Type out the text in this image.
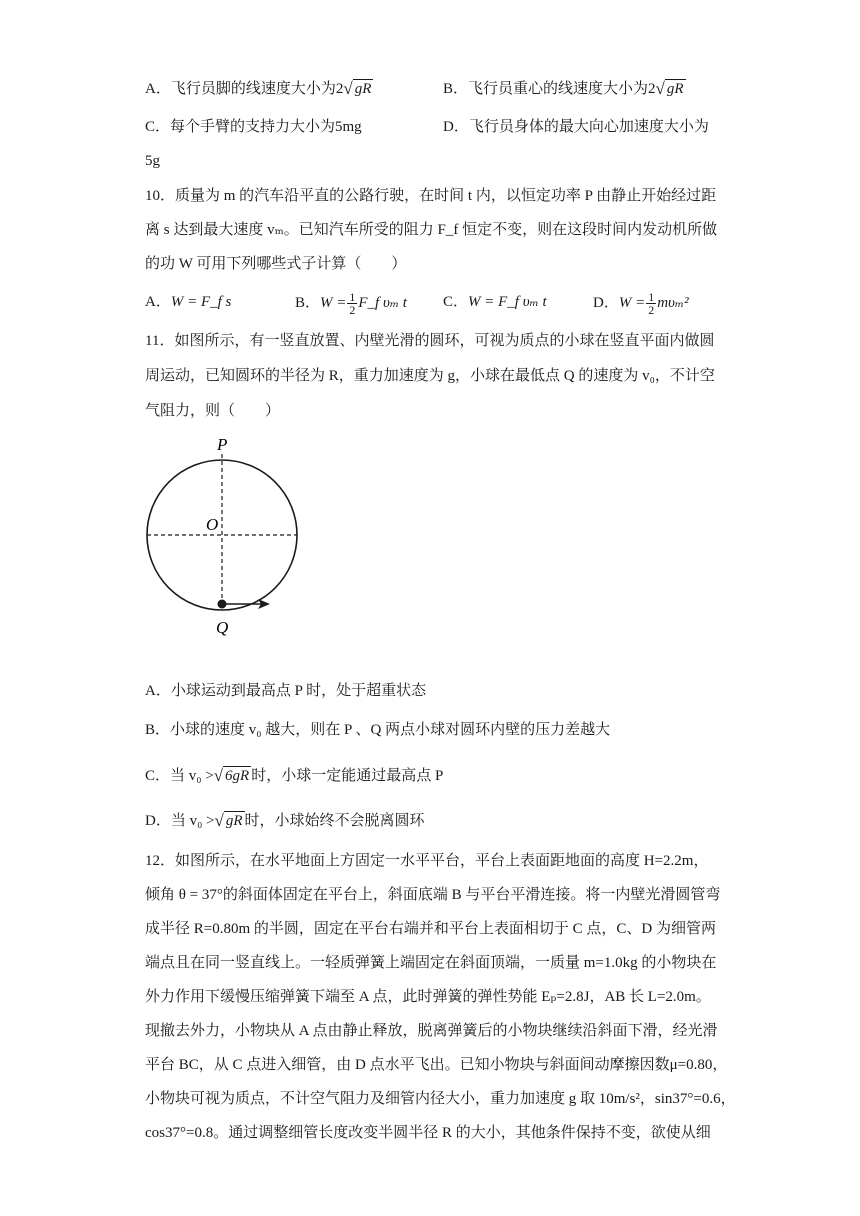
A．飞行员脚的线速度大小为2√ gR	B．飞行员重心的线速度大小为2√ gR
C．每个手臂的支持力大小为5mg	D．飞行员身体的最大向心加速度大小为
5g
10．质量为 m 的汽车沿平直的公路行驶，在时间 t 内，以恒定功率 P 由静止开始经过距
离 s 达到最大速度 vₘ。已知汽车所受的阻力 F_f 恒定不变，则在这段时间内发动机所做
的功 W 可用下列哪些式子计算（　　）
A．W = F_f s	B．$W = \frac{1}{2}$ F_f υₘ t C．W = F_f υₘ t	D．$W = \frac{1}{2} m\upsilon_m^2$
11．如图所示，有一竖直放置、内壁光滑的圆环，可视为质点的小球在竖直平面内做圆
周运动，已知圆环的半径为 R，重力加速度为 g，小球在最低点 Q 的速度为 v₀，不计空
气阻力，则（　　）
P
O
Q
A．小球运动到最高点 P 时，处于超重状态
B．小球的速度 v₀ 越大，则在 P 、Q 两点小球对圆环内壁的压力差越大
C．当 v₀ >√ 6gR 时，小球一定能通过最高点 P
D．当 v₀ >√ gR 时，小球始终不会脱离圆环
12．如图所示，在水平地面上方固定一水平平台，平台上表面距地面的高度 H=2.2m，
倾角 θ = 37°的斜面体固定在平台上，斜面底端 B 与平台平滑连接。将一内壁光滑圆管弯
成半径 R=0.80m 的半圆，固定在平台右端并和平台上表面相切于 C 点，C、D 为细管两
端点且在同一竖直线上。一轻质弹簧上端固定在斜面顶端，一质量 m=1.0kg 的小物块在
外力作用下缓慢压缩弹簧下端至 A 点，此时弹簧的弹性势能 Eₚ=2.8J，AB 长 L=2.0m。
现撤去外力，小物块从 A 点由静止释放，脱离弹簧后的小物块继续沿斜面下滑，经光滑
平台 BC，从 C 点进入细管，由 D 点水平飞出。已知小物块与斜面间动摩擦因数μ=0.80，
小物块可视为质点，不计空气阻力及细管内径大小，重力加速度 g 取 10m/s²，sin37°=0.6，
cos37°=0.8。通过调整细管长度改变半圆半径 R 的大小，其他条件保持不变，欲使从细
